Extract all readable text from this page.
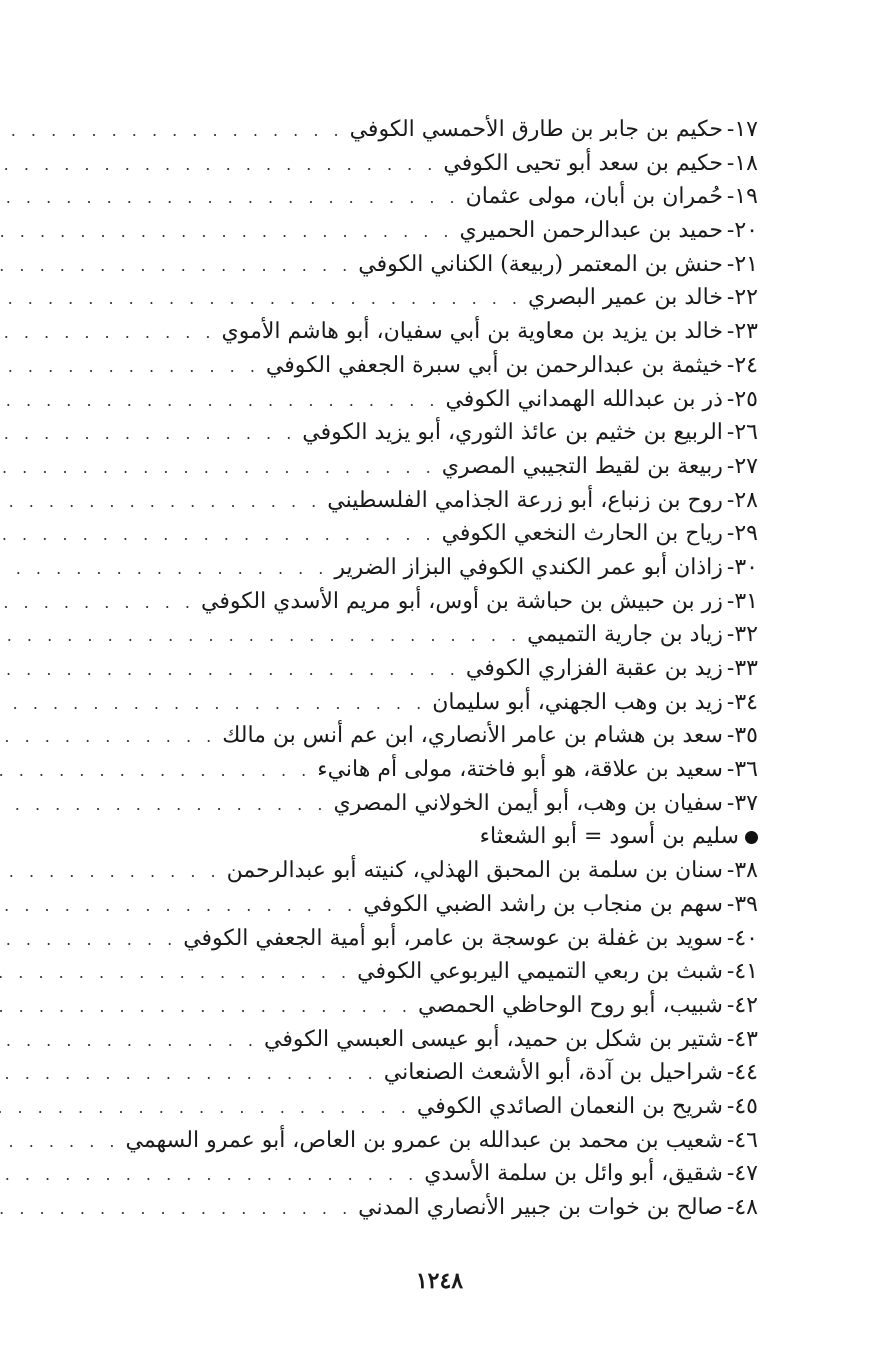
١٧-حكيم بن جابر بن طارق الأحمسي الكوفي
. . .
١٨-حكيم بن سعد أبو تحيى الكوفي
. . .
١٩-حُمران بن أبان، مولى عثمان
. . .
٢٠-حميد بن عبدالرحمن الحميري
. . .
٢١-حنش بن المعتمر (ربيعة) الكناني الكوفي
. . .
٢٢-خالد بن عمير البصري
. . .
٢٣-خالد بن يزيد بن معاوية بن أبي سفيان، أبو هاشم الأموي
. . .
٢٤-خيثمة بن عبدالرحمن بن أبي سبرة الجعفي الكوفي
. . .
٢٥-ذر بن عبدالله الهمداني الكوفي
. . .
٢٦-الربيع بن خثيم بن عائذ الثوري، أبو يزيد الكوفي
. . .
٢٧-ربيعة بن لقيط التجيبي المصري
. . .
٢٨-روح بن زنباع، أبو زرعة الجذامي الفلسطيني
. . .
٢٩-رياح بن الحارث النخعي الكوفي
. . .
٣٠-زاذان أبو عمر الكندي الكوفي البزاز الضرير
. . .
٣١-زر بن حبيش بن حباشة بن أوس، أبو مريم الأسدي الكوفي
. . .
٣٢-زياد بن جارية التميمي
. . .
٣٣-زيد بن عقبة الفزاري الكوفي
. . .
٣٤-زيد بن وهب الجهني، أبو سليمان
. . .
٣٥-سعد بن هشام بن عامر الأنصاري، ابن عم أنس بن مالك
. . .
٣٦-سعيد بن علاقة، هو أبو فاختة، مولى أم هانيء
. . .
٣٧-سفيان بن وهب، أبو أيمن الخولاني المصري
. . .
سليم بن أسود = أبو الشعثاء
٣٨-سنان بن سلمة بن المحبق الهذلي، كنيته أبو عبدالرحمن
. . .
٣٩-سهم بن منجاب بن راشد الضبي الكوفي
. . .
٤٠-سويد بن غفلة بن عوسجة بن عامر، أبو أمية الجعفي الكوفي
. . .
٤١-شبث بن ربعي التميمي اليربوعي الكوفي
. . .
٤٢-شبيب، أبو روح الوحاظي الحمصي
. . .
٤٣-شتير بن شكل بن حميد، أبو عيسى العبسي الكوفي
. . .
٤٤-شراحيل بن آدة، أبو الأشعث الصنعاني
. . .
٤٥-شريح بن النعمان الصائدي الكوفي
. . .
٤٦-شعيب بن محمد بن عبدالله بن عمرو بن العاص، أبو عمرو السهمي
. . .
٤٧-شقيق، أبو وائل بن سلمة الأسدي
. . .
٤٨-صالح بن خوات بن جبير الأنصاري المدني
. . .
١٢٤٨
